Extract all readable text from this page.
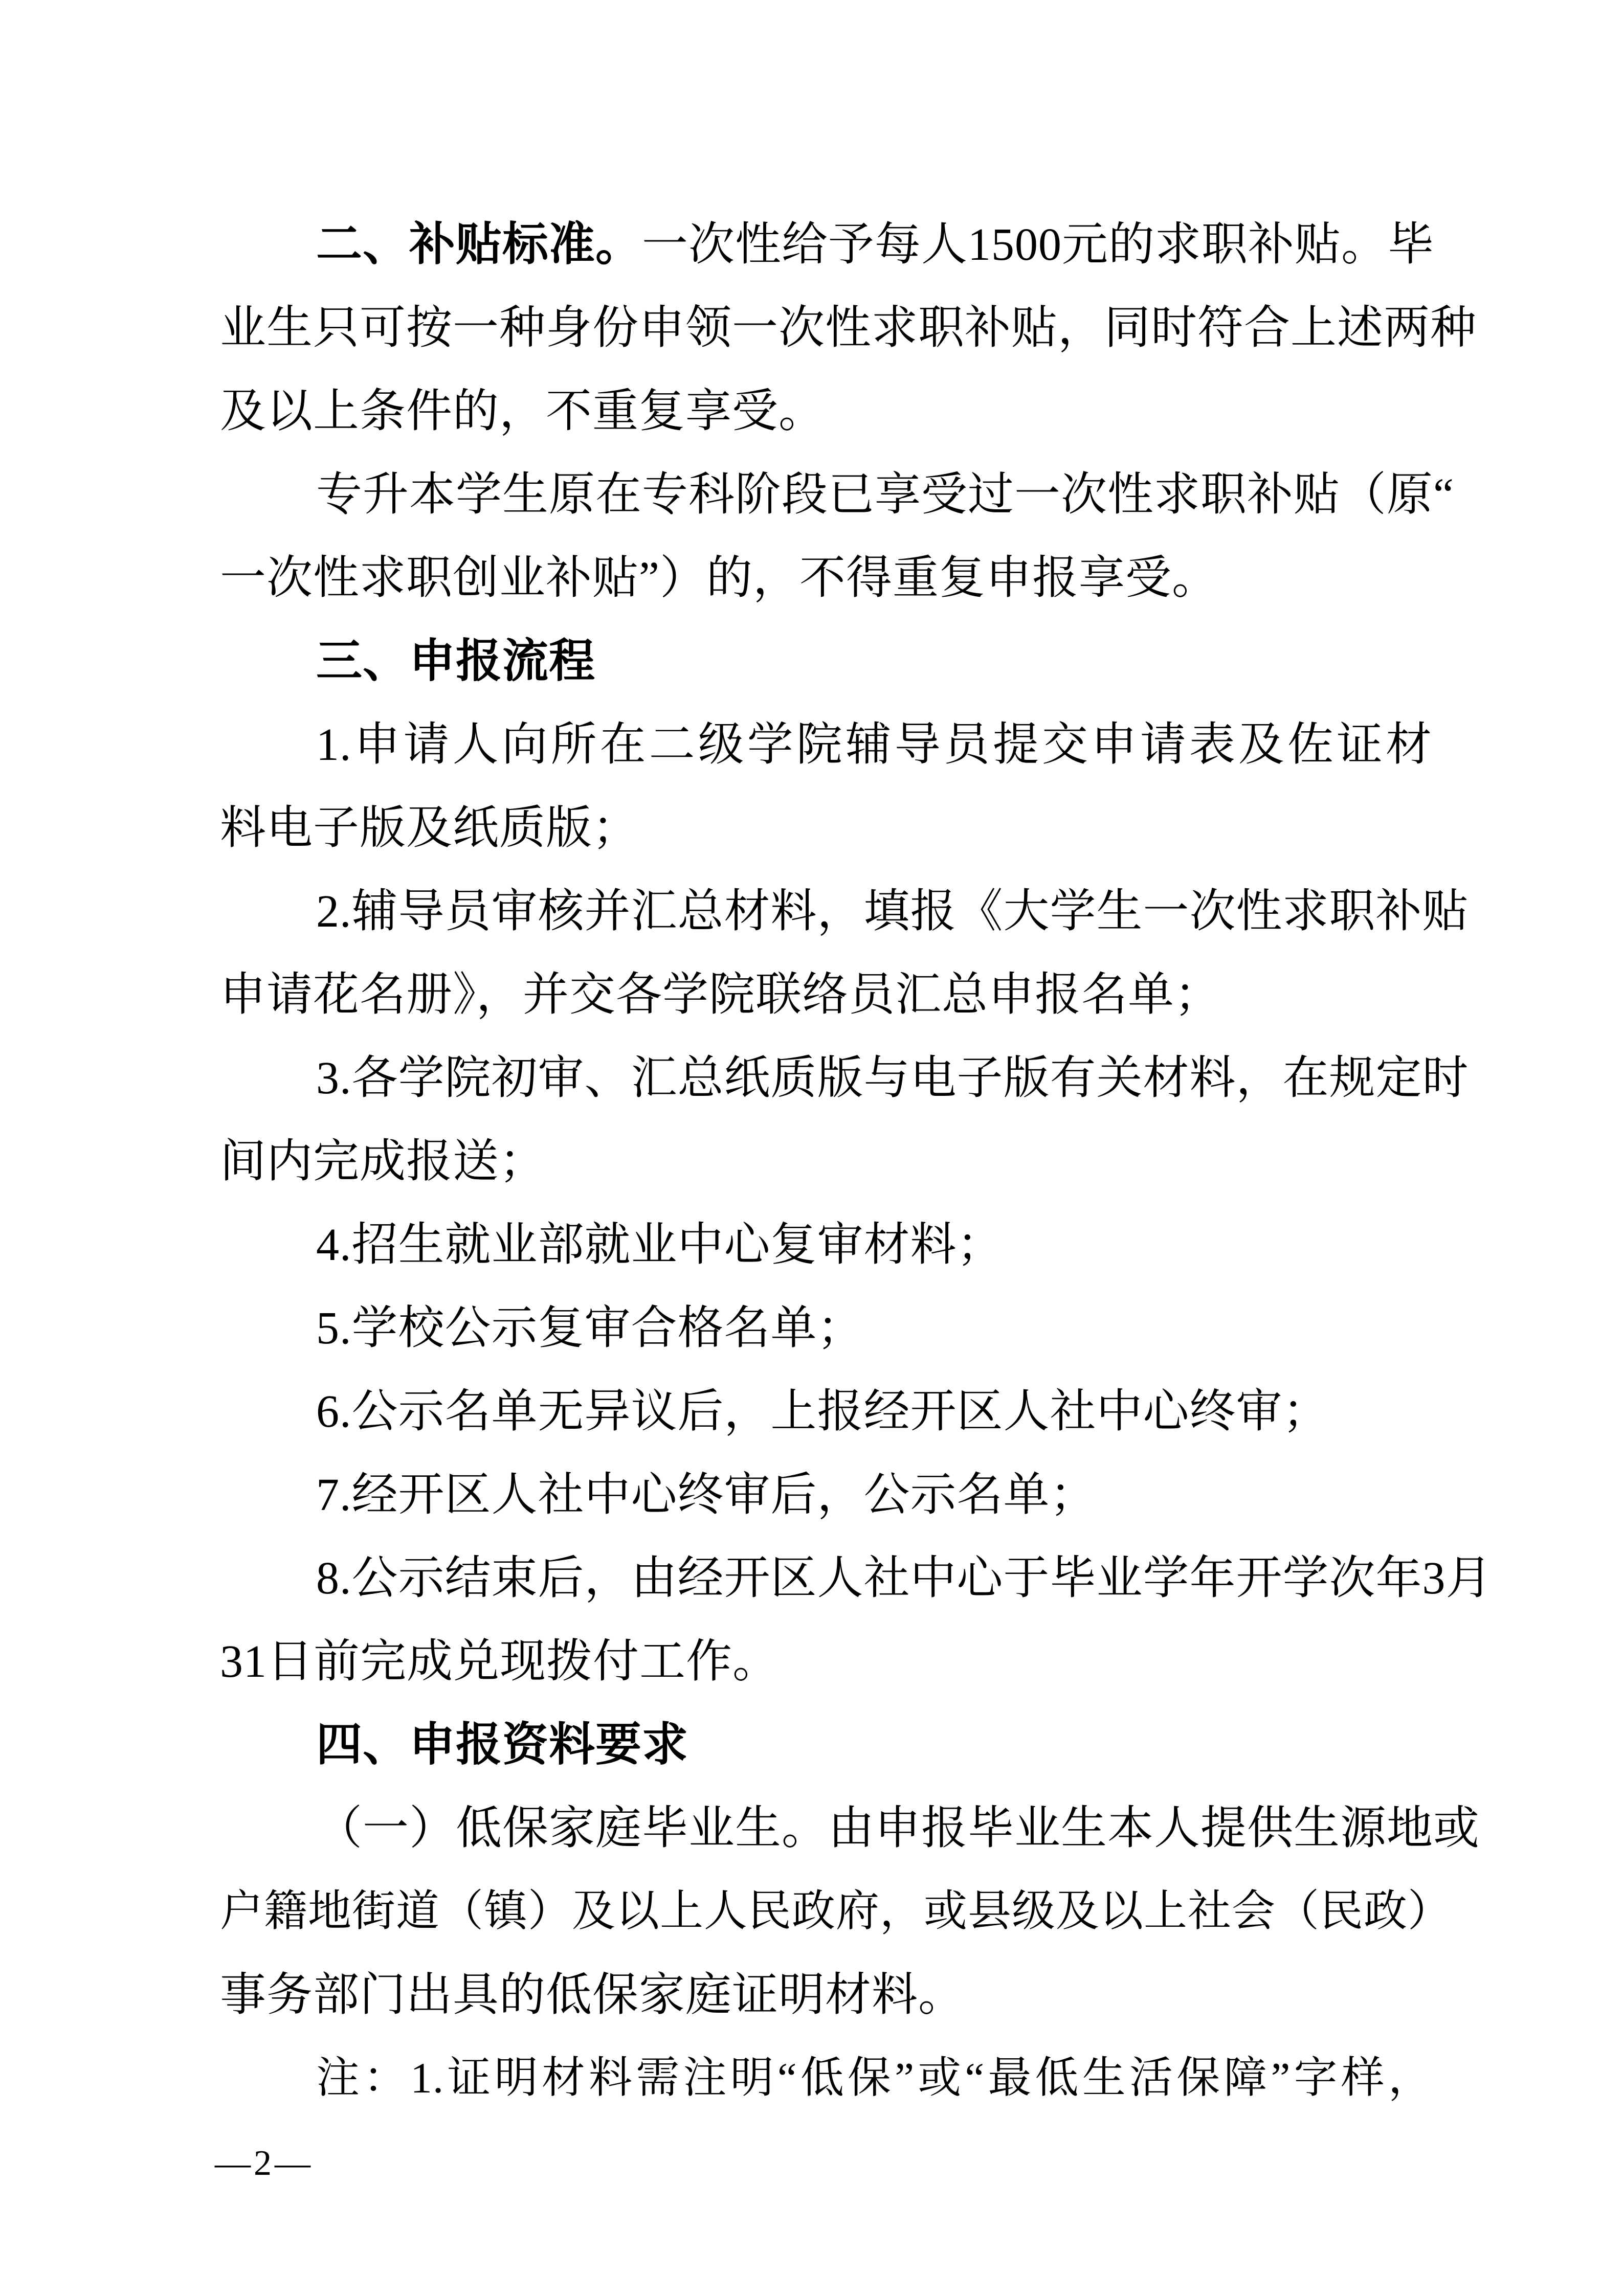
二、补贴标准。一次性给予每人1500元的求职补贴。毕
业生只可按一种身份申领一次性求职补贴，同时符合上述两种
及以上条件的，不重复享受。
专升本学生原在专科阶段已享受过一次性求职补贴（原“
一次性求职创业补贴”）的，不得重复申报享受。
三、申报流程
1.申请人向所在二级学院辅导员提交申请表及佐证材
料电子版及纸质版；
2.辅导员审核并汇总材料，填报《大学生一次性求职补贴
申请花名册》，并交各学院联络员汇总申报名单；
3.各学院初审、汇总纸质版与电子版有关材料，在规定时
间内完成报送；
4.招生就业部就业中心复审材料；
5.学校公示复审合格名单；
6.公示名单无异议后，上报经开区人社中心终审；
7.经开区人社中心终审后，公示名单；
8.公示结束后，由经开区人社中心于毕业学年开学次年3月
31日前完成兑现拨付工作。
四、申报资料要求
（一）低保家庭毕业生。由申报毕业生本人提供生源地或
户籍地街道（镇）及以上人民政府，或县级及以上社会（民政）
事务部门出具的低保家庭证明材料。
注：1.证明材料需注明“低保”或“最低生活保障”字样，
—2—
